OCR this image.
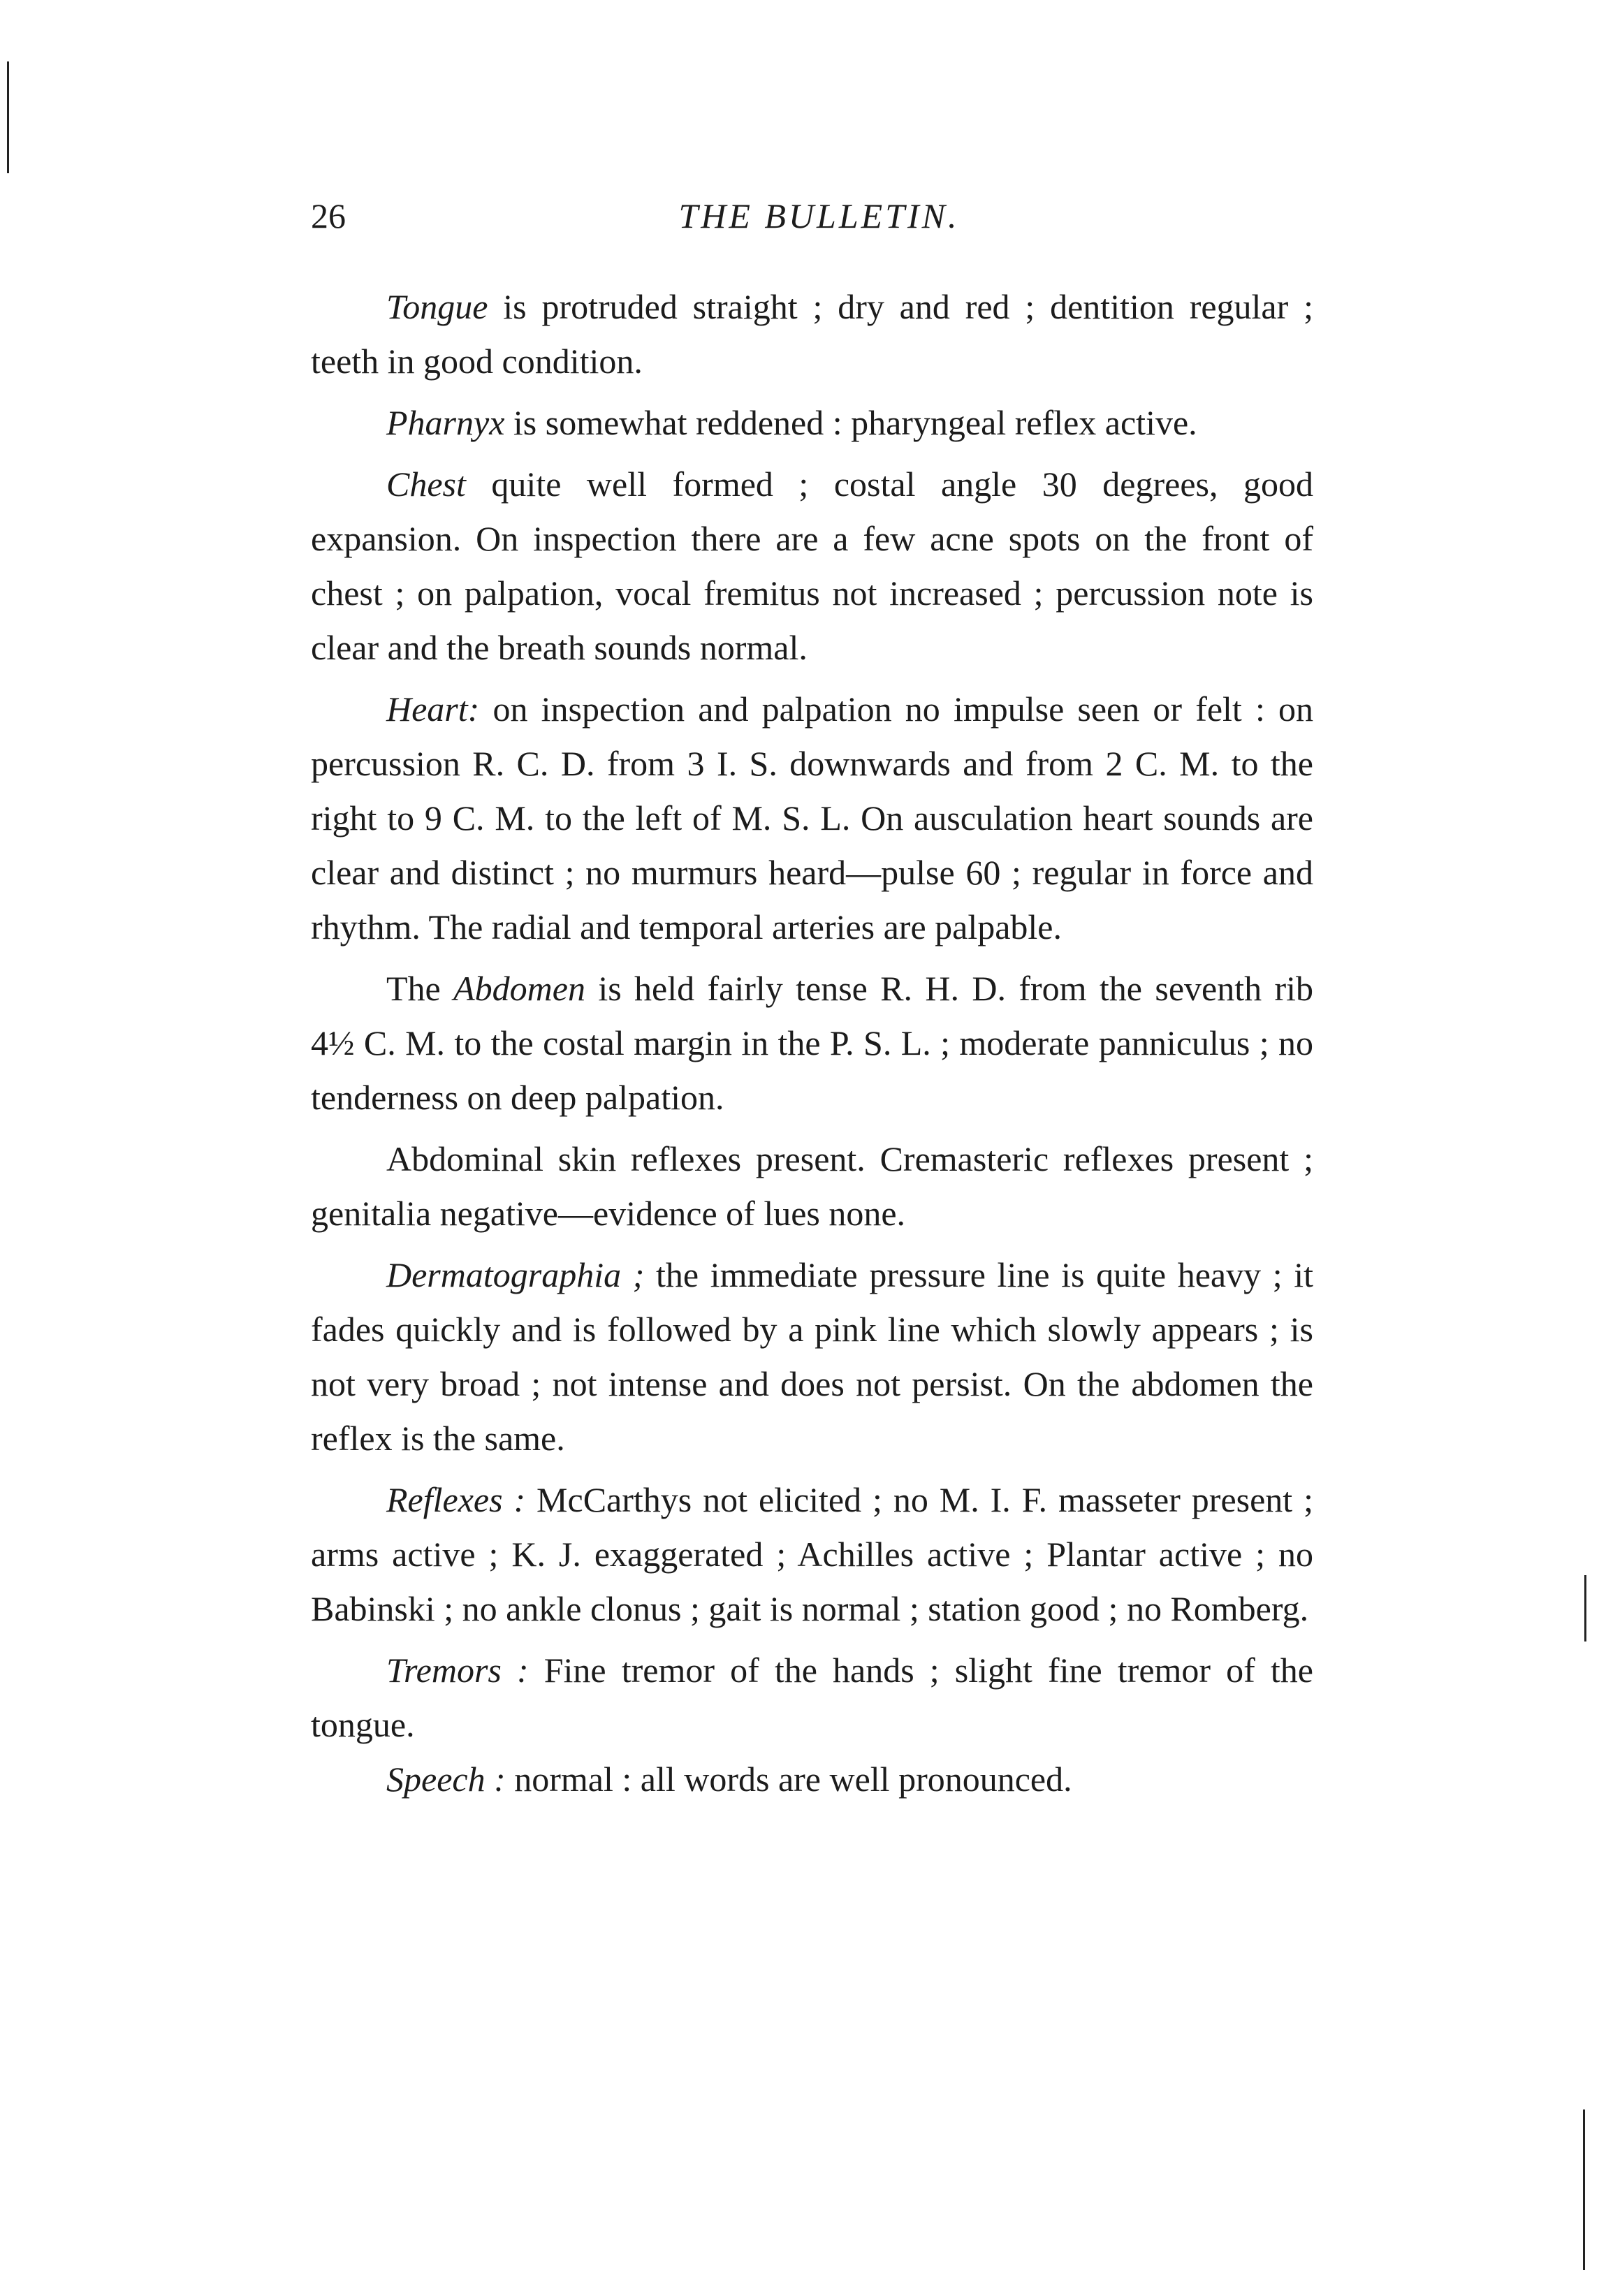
26	THE BULLETIN.

Tongue is protruded straight ; dry and red ; dentition regular ; teeth in good condition.

Pharnyx is somewhat reddened : pharyngeal reflex active.

Chest quite well formed ; costal angle 30 degrees, good expansion. On inspection there are a few acne spots on the front of chest ; on palpation, vocal fremitus not increased ; percussion note is clear and the breath sounds normal.

Heart: on inspection and palpation no impulse seen or felt : on percussion R. C. D. from 3 I. S. downwards and from 2 C. M. to the right to 9 C. M. to the left of M. S. L. On ausculation heart sounds are clear and distinct ; no murmurs heard—pulse 60 ; regular in force and rhythm. The radial and temporal arteries are palpable.

The Abdomen is held fairly tense R. H. D. from the seventh rib 4½ C. M. to the costal margin in the P. S. L. ; moderate panniculus ; no tenderness on deep palpation.

Abdominal skin reflexes present. Cremasteric reflexes present ; genitalia negative—evidence of lues none.

Dermatographia ; the immediate pressure line is quite heavy ; it fades quickly and is followed by a pink line which slowly appears ; is not very broad ; not intense and does not persist. On the abdomen the reflex is the same.

Reflexes : McCarthys not elicited ; no M. I. F. masseter present ; arms active ; K. J. exaggerated ; Achilles active ; Plantar active ; no Babinski ; no ankle clonus ; gait is normal ; station good ; no Romberg.

Tremors : Fine tremor of the hands ; slight fine tremor of the tongue.

Speech : normal : all words are well pronounced.
